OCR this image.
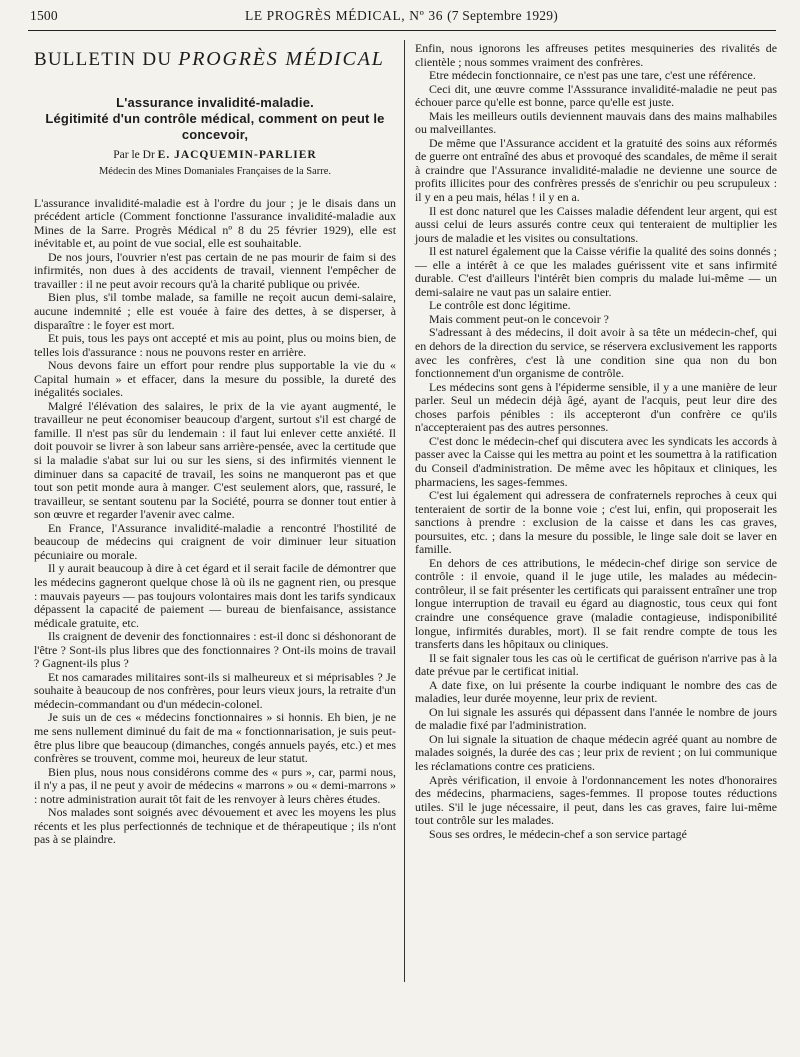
1500	LE PROGRÈS MÉDICAL, Nº 36 (7 Septembre 1929)
BULLETIN DU PROGRÈS MÉDICAL
L'assurance invalidité-maladie.
Légitimité d'un contrôle médical, comment on peut le concevoir,
Par le Dr E. JACQUEMIN-PARLIER
Médecin des Mines Domaniales Françaises de la Sarre.

L'assurance invalidité-maladie est à l'ordre du jour ; je le disais dans un précédent article (Comment fonctionne l'assurance invalidité-maladie aux Mines de la Sarre. Progrès Médical nº 8 du 25 février 1929), elle est inévitable et, au point de vue social, elle est souhaitable.

De nos jours, l'ouvrier n'est pas certain de ne pas mourir de faim si des infirmités, non dues à des accidents de travail, viennent l'empêcher de travailler : il ne peut avoir recours qu'à la charité publique ou privée.

Bien plus, s'il tombe malade, sa famille ne reçoit aucun demi-salaire, aucune indemnité ; elle est vouée à faire des dettes, à se disperser, à disparaître : le foyer est mort.

Et puis, tous les pays ont accepté et mis au point, plus ou moins bien, de telles lois d'assurance : nous ne pouvons rester en arrière.

Nous devons faire un effort pour rendre plus supportable la vie du « Capital humain » et effacer, dans la mesure du possible, la dureté des inégalités sociales.

Malgré l'élévation des salaires, le prix de la vie ayant augmenté, le travailleur ne peut économiser beaucoup d'argent, surtout s'il est chargé de famille. Il n'est pas sûr du lendemain : il faut lui enlever cette anxiété. Il doit pouvoir se livrer à son labeur sans arrière-pensée, avec la certitude que si la maladie s'abat sur lui ou sur les siens, si des infirmités viennent le diminuer dans sa capacité de travail, les soins ne manqueront pas et que tout son petit monde aura à manger. C'est seulement alors, que, rassuré, le travailleur, se sentant soutenu par la Société, pourra se donner tout entier à son œuvre et regarder l'avenir avec calme.

En France, l'Assurance invalidité-maladie a rencontré l'hostilité de beaucoup de médecins qui craignent de voir diminuer leur situation pécuniaire ou morale.

Il y aurait beaucoup à dire à cet égard et il serait facile de démontrer que les médecins gagneront quelque chose là où ils ne gagnent rien, ou presque : mauvais payeurs — pas toujours volontaires mais dont les tarifs syndicaux dépassent la capacité de paiement — bureau de bienfaisance, assistance médicale gratuite, etc.

Ils craignent de devenir des fonctionnaires : est-il donc si déshonorant de l'être ? Sont-ils plus libres que des fonctionnaires ? Ont-ils moins de travail ? Gagnent-ils plus ?

Et nos camarades militaires sont-ils si malheureux et si méprisables ? Je souhaite à beaucoup de nos confrères, pour leurs vieux jours, la retraite d'un médecin-commandant ou d'un médecin-colonel.

Je suis un de ces « médecins fonctionnaires » si honnis. Eh bien, je ne me sens nullement diminué du fait de ma « fonctionnarisation, je suis peut-être plus libre que beaucoup (dimanches, congés annuels payés, etc.) et mes confrères se trouvent, comme moi, heureux de leur statut.

Bien plus, nous nous considérons comme des « purs », car, parmi nous, il n'y a pas, il ne peut y avoir de médecins « marrons » ou « demi-marrons » : notre administration aurait tôt fait de les renvoyer à leurs chères études.

Nos malades sont soignés avec dévouement et avec les moyens les plus récents et les plus perfectionnés de technique et de thérapeutique ; ils n'ont pas à se plaindre.

Enfin, nous ignorons les affreuses petites mesquineries des rivalités de clientèle ; nous sommes vraiment des confrères.

Etre médecin fonctionnaire, ce n'est pas une tare, c'est une référence.

Ceci dit, une œuvre comme l'Asssurance invalidité-maladie ne peut pas échouer parce qu'elle est bonne, parce qu'elle est juste.

Mais les meilleurs outils deviennent mauvais dans des mains malhabiles ou malveillantes.

De même que l'Assurance accident et la gratuité des soins aux réformés de guerre ont entraîné des abus et provoqué des scandales, de même il serait à craindre que l'Assurance invalidité-maladie ne devienne une source de profits illicites pour des confrères pressés de s'enrichir ou peu scrupuleux : il y en a peu mais, hélas ! il y en a.

Il est donc naturel que les Caisses maladie défendent leur argent, qui est aussi celui de leurs assurés contre ceux qui tenteraient de multiplier les jours de maladie et les visites ou consultations.

Il est naturel également que la Caisse vérifie la qualité des soins donnés ; — elle a intérêt à ce que les malades guérissent vite et sans infirmité durable. C'est d'ailleurs l'intérêt bien compris du malade lui-même — un demi-salaire ne vaut pas un salaire entier.

Le contrôle est donc légitime.

Mais comment peut-on le concevoir ?

S'adressant à des médecins, il doit avoir à sa tête un médecin-chef, qui en dehors de la direction du service, se réservera exclusivement les rapports avec les confrères, c'est là une condition sine qua non du bon fonctionnement d'un organisme de contrôle.

Les médecins sont gens à l'épiderme sensible, il y a une manière de leur parler. Seul un médecin déjà âgé, ayant de l'acquis, peut leur dire des choses parfois pénibles : ils accepteront d'un confrère ce qu'ils n'accepteraient pas des autres personnes.

C'est donc le médecin-chef qui discutera avec les syndicats les accords à passer avec la Caisse qui les mettra au point et les soumettra à la ratification du Conseil d'administration. De même avec les hôpitaux et cliniques, les pharmaciens, les sages-femmes.

C'est lui également qui adressera de confraternels reproches à ceux qui tenteraient de sortir de la bonne voie ; c'est lui, enfin, qui proposerait les sanctions à prendre : exclusion de la caisse et dans les cas graves, poursuites, etc. ; dans la mesure du possible, le linge sale doit se laver en famille.

En dehors de ces attributions, le médecin-chef dirige son service de contrôle : il envoie, quand il le juge utile, les malades au médecin-contrôleur, il se fait présenter les certificats qui paraissent entraîner une trop longue interruption de travail eu égard au diagnostic, tous ceux qui font craindre une conséquence grave (maladie contagieuse, indisponibilité longue, infirmités durables, mort). Il se fait rendre compte de tous les transferts dans les hôpitaux ou cliniques.

Il se fait signaler tous les cas où le certificat de guérison n'arrive pas à la date prévue par le certificat initial.

A date fixe, on lui présente la courbe indiquant le nombre des cas de maladies, leur durée moyenne, leur prix de revient.

On lui signale les assurés qui dépassent dans l'année le nombre de jours de maladie fixé par l'administration.

On lui signale la situation de chaque médecin agréé quant au nombre de malades soignés, la durée des cas ; leur prix de revient ; on lui communique les réclamations contre ces praticiens.

Après vérification, il envoie à l'ordonnancement les notes d'honoraires des médecins, pharmaciens, sages-femmes. Il propose toutes réductions utiles. S'il le juge nécessaire, il peut, dans les cas graves, faire lui-même tout contrôle sur les malades.

Sous ses ordres, le médecin-chef a son service partagé
